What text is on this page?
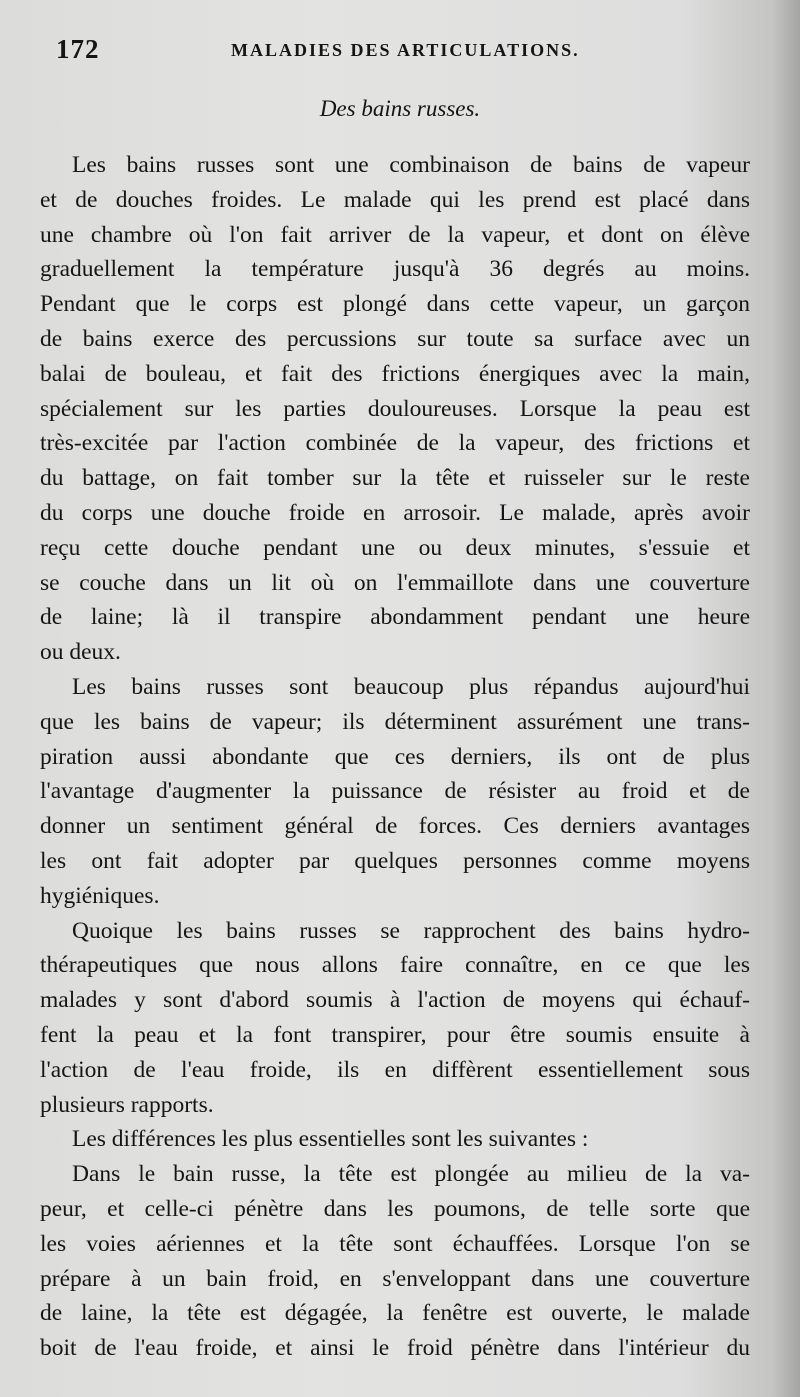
172	MALADIES DES ARTICULATIONS.
Des bains russes.
Les bains russes sont une combinaison de bains de vapeur
et de douches froides. Le malade qui les prend est placé dans
une chambre où l'on fait arriver de la vapeur, et dont on élève
graduellement la température jusqu'à 36 degrés au moins.
Pendant que le corps est plongé dans cette vapeur, un garçon
de bains exerce des percussions sur toute sa surface avec un
balai de bouleau, et fait des frictions énergiques avec la main,
spécialement sur les parties douloureuses. Lorsque la peau est
très-excitée par l'action combinée de la vapeur, des frictions et
du battage, on fait tomber sur la tête et ruisseler sur le reste
du corps une douche froide en arrosoir. Le malade, après avoir
reçu cette douche pendant une ou deux minutes, s'essuie et
se couche dans un lit où on l'emmaillote dans une couverture
de laine; là il transpire abondamment pendant une heure
ou deux.
Les bains russes sont beaucoup plus répandus aujourd'hui
que les bains de vapeur; ils déterminent assurément une trans-
piration aussi abondante que ces derniers, ils ont de plus
l'avantage d'augmenter la puissance de résister au froid et de
donner un sentiment général de forces. Ces derniers avantages
les ont fait adopter par quelques personnes comme moyens
hygiéniques.
Quoique les bains russes se rapprochent des bains hydro-
thérapeutiques que nous allons faire connaître, en ce que les
malades y sont d'abord soumis à l'action de moyens qui échauf-
fent la peau et la font transpirer, pour être soumis ensuite à
l'action de l'eau froide, ils en diffèrent essentiellement sous
plusieurs rapports.
Les différences les plus essentielles sont les suivantes :
Dans le bain russe, la tête est plongée au milieu de la va-
peur, et celle-ci pénètre dans les poumons, de telle sorte que
les voies aériennes et la tête sont échauffées. Lorsque l'on se
prépare à un bain froid, en s'enveloppant dans une couverture
de laine, la tête est dégagée, la fenêtre est ouverte, le malade
boit de l'eau froide, et ainsi le froid pénètre dans l'intérieur du
